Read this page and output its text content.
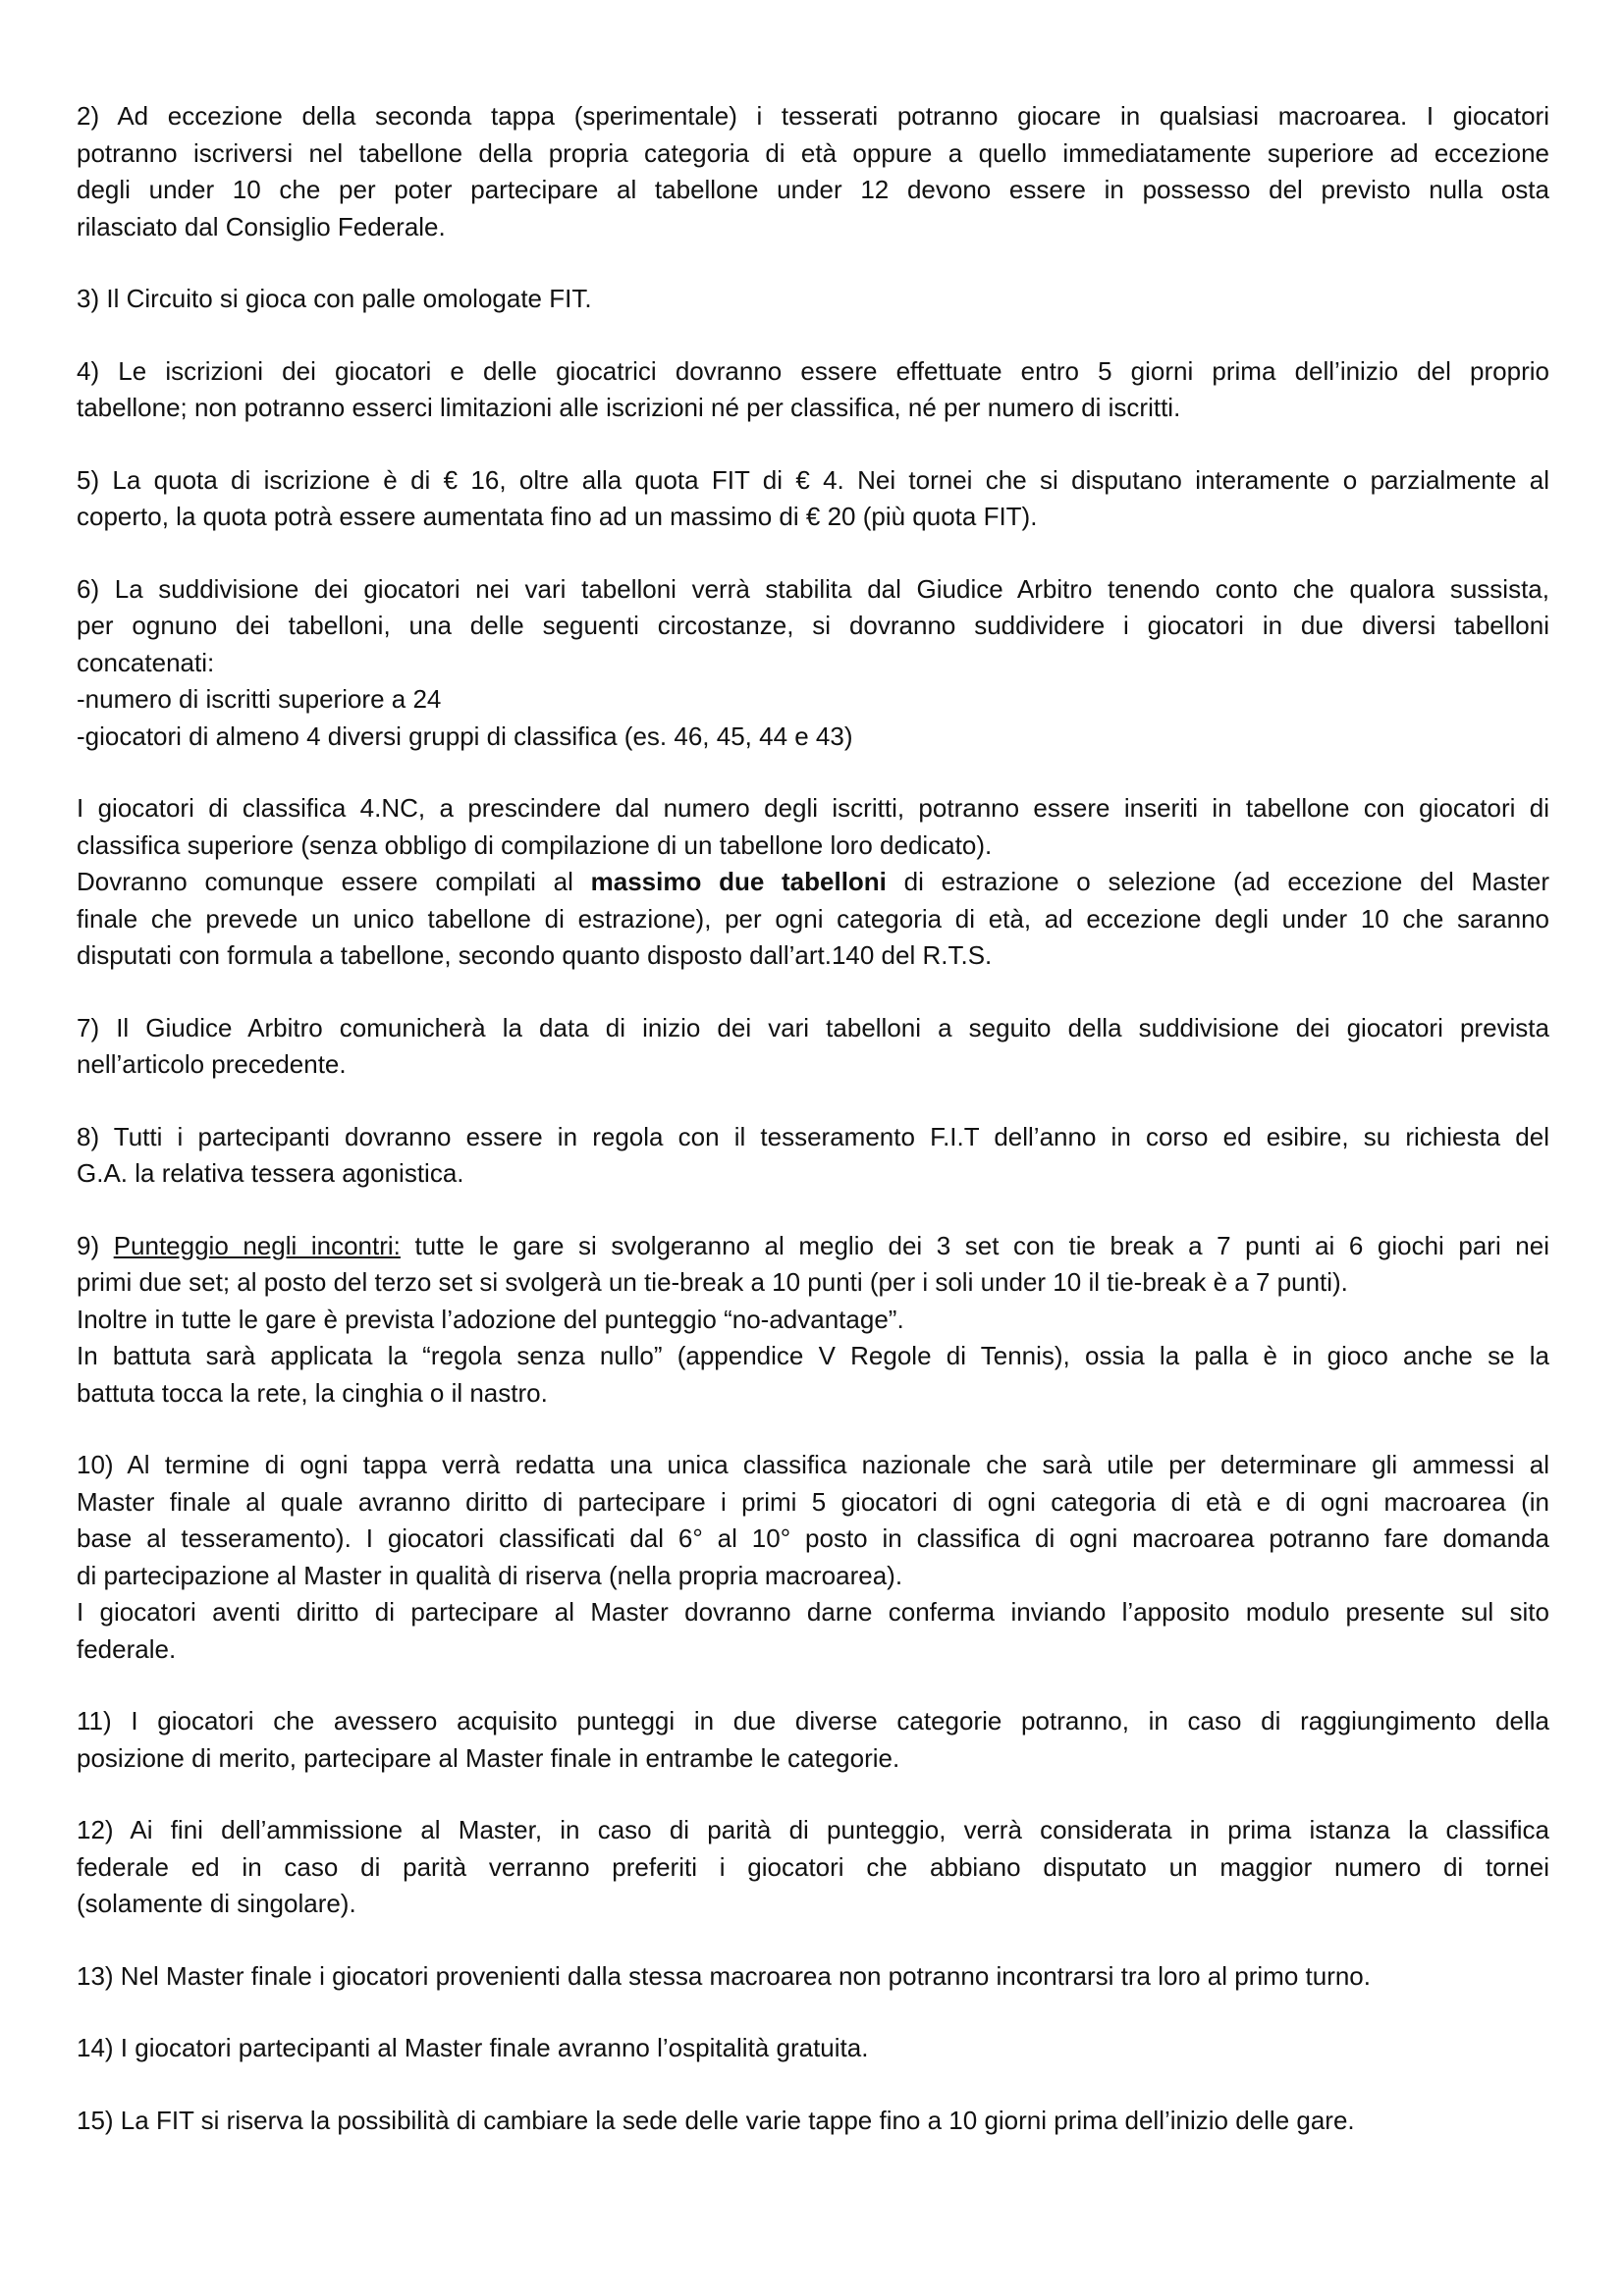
2) Ad eccezione della seconda tappa (sperimentale) i tesserati potranno giocare in qualsiasi macroarea. I giocatori
potranno iscriversi nel tabellone della propria categoria di età oppure a quello immediatamente superiore ad eccezione
degli under 10 che per poter partecipare al tabellone under 12 devono essere in possesso del previsto nulla osta
rilasciato dal Consiglio Federale.

3) Il Circuito si gioca con palle omologate FIT.

4) Le iscrizioni dei giocatori e delle giocatrici dovranno essere effettuate entro 5 giorni prima dell’inizio del proprio
tabellone; non potranno esserci limitazioni alle iscrizioni né per classifica, né per numero di iscritti.

5) La quota di iscrizione è di € 16, oltre alla quota FIT di € 4. Nei tornei che si disputano interamente o parzialmente al
coperto, la quota potrà essere aumentata fino ad un massimo di € 20 (più quota FIT).

6) La suddivisione dei giocatori nei vari tabelloni verrà stabilita dal Giudice Arbitro tenendo conto che qualora sussista,
per ognuno dei tabelloni, una delle seguenti circostanze, si dovranno suddividere i giocatori in due diversi tabelloni
concatenati:
-numero di iscritti superiore a 24
-giocatori di almeno 4 diversi gruppi di classifica (es. 46, 45, 44 e 43)

I giocatori di classifica 4.NC, a prescindere dal numero degli iscritti, potranno essere inseriti in tabellone con giocatori di
classifica superiore (senza obbligo di compilazione di un tabellone loro dedicato).
Dovranno comunque essere compilati al massimo due tabelloni di estrazione o selezione (ad eccezione del Master
finale che prevede un unico tabellone di estrazione), per ogni categoria di età, ad eccezione degli under 10 che saranno
disputati con formula a tabellone, secondo quanto disposto dall’art.140 del R.T.S.

7) Il Giudice Arbitro comunicherà la data di inizio dei vari tabelloni a seguito della suddivisione dei giocatori prevista
nell’articolo precedente.

8) Tutti i partecipanti dovranno essere in regola con il tesseramento F.I.T dell’anno in corso ed esibire, su richiesta del
G.A. la relativa tessera agonistica.

9) Punteggio negli incontri: tutte le gare si svolgeranno al meglio dei 3 set con tie break a 7 punti ai 6 giochi pari nei
primi due set; al posto del terzo set si svolgerà un tie-break a 10 punti (per i soli under 10 il tie-break è a 7 punti).
Inoltre in tutte le gare è prevista l’adozione del punteggio “no-advantage”.
In battuta sarà applicata la “regola senza nullo” (appendice V Regole di Tennis), ossia la palla è in gioco anche se la
battuta tocca la rete, la cinghia o il nastro.

10) Al termine di ogni tappa verrà redatta una unica classifica nazionale che sarà utile per determinare gli ammessi al
Master finale al quale avranno diritto di partecipare i primi 5 giocatori di ogni categoria di età e di ogni macroarea (in
base al tesseramento). I giocatori classificati dal 6° al 10° posto in classifica di ogni macroarea potranno fare domanda
di partecipazione al Master in qualità di riserva (nella propria macroarea).
I giocatori aventi diritto di partecipare al Master dovranno darne conferma inviando l’apposito modulo presente sul sito
federale.

11) I giocatori che avessero acquisito punteggi in due diverse categorie potranno, in caso di raggiungimento della
posizione di merito, partecipare al Master finale in entrambe le categorie.

12) Ai fini dell’ammissione al Master, in caso di parità di punteggio, verrà considerata in prima istanza la classifica
federale ed in caso di parità verranno preferiti i giocatori che abbiano disputato un maggior numero di tornei
(solamente di singolare).

13) Nel Master finale i giocatori provenienti dalla stessa macroarea non potranno incontrarsi tra loro al primo turno.

14) I giocatori partecipanti al Master finale avranno l’ospitalità gratuita.

15) La FIT si riserva la possibilità di cambiare la sede delle varie tappe fino a 10 giorni prima dell’inizio delle gare.
